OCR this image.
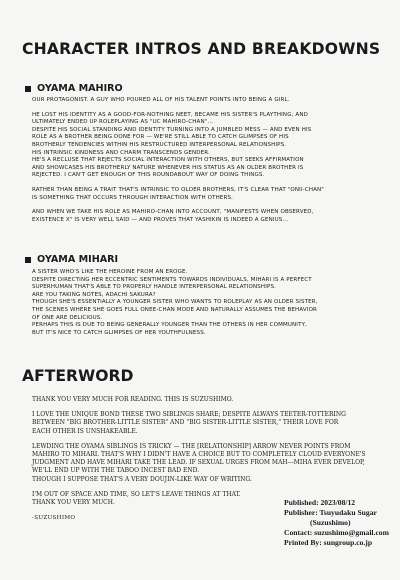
CHARACTER INTROS AND BREAKDOWNS
OYAMA MAHIRO

OUR PROTAGONIST. A GUY WHO POURED ALL OF HIS TALENT POINTS INTO BEING A GIRL.

HE LOST HIS IDENTITY AS A GOOD-FOR-NOTHING NEET, BECAME HIS SISTER'S PLAYTHING, AND

ULTIMATELY ENDED UP ROLEPLAYING AS "UC MAHIRO-CHAN"...

DESPITE HIS SOCIAL STANDING AND IDENTITY TURNING INTO A JUMBLED MESS — AND EVEN HIS

ROLE AS A BROTHER BEING DONE FOR — WE'RE STILL ABLE TO CATCH GLIMPSES OF HIS

BROTHERLY TENDENCIES WITHIN HIS RESTRUCTURED INTERPERSONAL RELATIONSHIPS.

HIS INTRINSIC KINDNESS AND CHARM TRANSCENDS GENDER.

HE'S A RECLUSE THAT REJECTS SOCIAL INTERACTION WITH OTHERS, BUT SEEKS AFFIRMATION

AND SHOWCASES HIS BROTHERLY NATURE WHENEVER HIS STATUS AS AN OLDER BROTHER IS

REJECTED. I CAN'T GET ENOUGH OF THIS ROUNDABOUT WAY OF DOING THINGS.

RATHER THAN BEING A TRAIT THAT'S INTRINSIC TO OLDER BROTHERS, IT'S CLEAR THAT "ONII-CHAN"

IS SOMETHING THAT OCCURS THROUGH INTERACTION WITH OTHERS.

AND WHEN WE TAKE HIS ROLE AS MAHIRO-CHAN INTO ACCOUNT, "MANIFESTS WHEN OBSERVED,

EXISTENCE X" IS VERY WELL SAID — AND PROVES THAT YASHIKIN IS INDEED A GENIUS...

OYAMA MIHARI

A SISTER WHO'S LIKE THE HEROINE FROM AN EROGE.

DESPITE DIRECTING HER ECCENTRIC SENTIMENTS TOWARDS INDIVIDUALS, MIHARI IS A PERFECT

SUPERHUMAN THAT'S ABLE TO PROPERLY HANDLE INTERPERSONAL RELATIONSHIPS.

ARE YOU TAKING NOTES, ADACHI SAKURA?

THOUGH SHE'S ESSENTIALLY A YOUNGER SISTER WHO WANTS TO ROLEPLAY AS AN OLDER SISTER,

THE SCENES WHERE SHE GOES FULL ONEE-CHAN MODE AND NATURALLY ASSUMES THE BEHAVIOR

OF ONE ARE DELICIOUS.

PERHAPS THIS IS DUE TO BEING GENERALLY YOUNGER THAN THE OTHERS IN HER COMMUNITY,

BUT IT'S NICE TO CATCH GLIMPSES OF HER YOUTHFULNESS.

AFTERWORD

THANK YOU VERY MUCH FOR READING. THIS IS SUZUSHIMO.

I LOVE THE UNIQUE BOND THESE TWO SIBLINGS SHARE; DESPITE ALWAYS TEETER-TOTTERING

BETWEEN "BIG BROTHER-LITTLE SISTER" AND "BIG SISTER-LITTLE SISTER," THEIR LOVE FOR

EACH OTHER IS UNSHAKEABLE.

LEWDING THE OYAMA SIBLINGS IS TRICKY — THE [RELATIONSHIP] ARROW NEVER POINTS FROM

MAHIRO TO MIHARI. THAT'S WHY I DIDN'T HAVE A CHOICE BUT TO COMPLETELY CLOUD EVERYONE'S

JUDGMENT AND HAVE MIHARI TAKE THE LEAD. IF SEXUAL URGES FROM MAH---MIHA EVER DEVELOP,

WE'LL END UP WITH THE TABOO INCEST BAD END.

THOUGH I SUPPOSE THAT'S A VERY DOUJIN-LIKE WAY OF WRITING.

I'M OUT OF SPACE AND TIME, SO LET'S LEAVE THINGS AT THAT.

THANK YOU VERY MUCH.

-SUZUSHIMO

Published: 2023/08/12
Publisher: Tsuyudaku Sugar
(Suzushimo)
Contact: suzushimo@gmail.com
Printed By: sungroup.co.jp
